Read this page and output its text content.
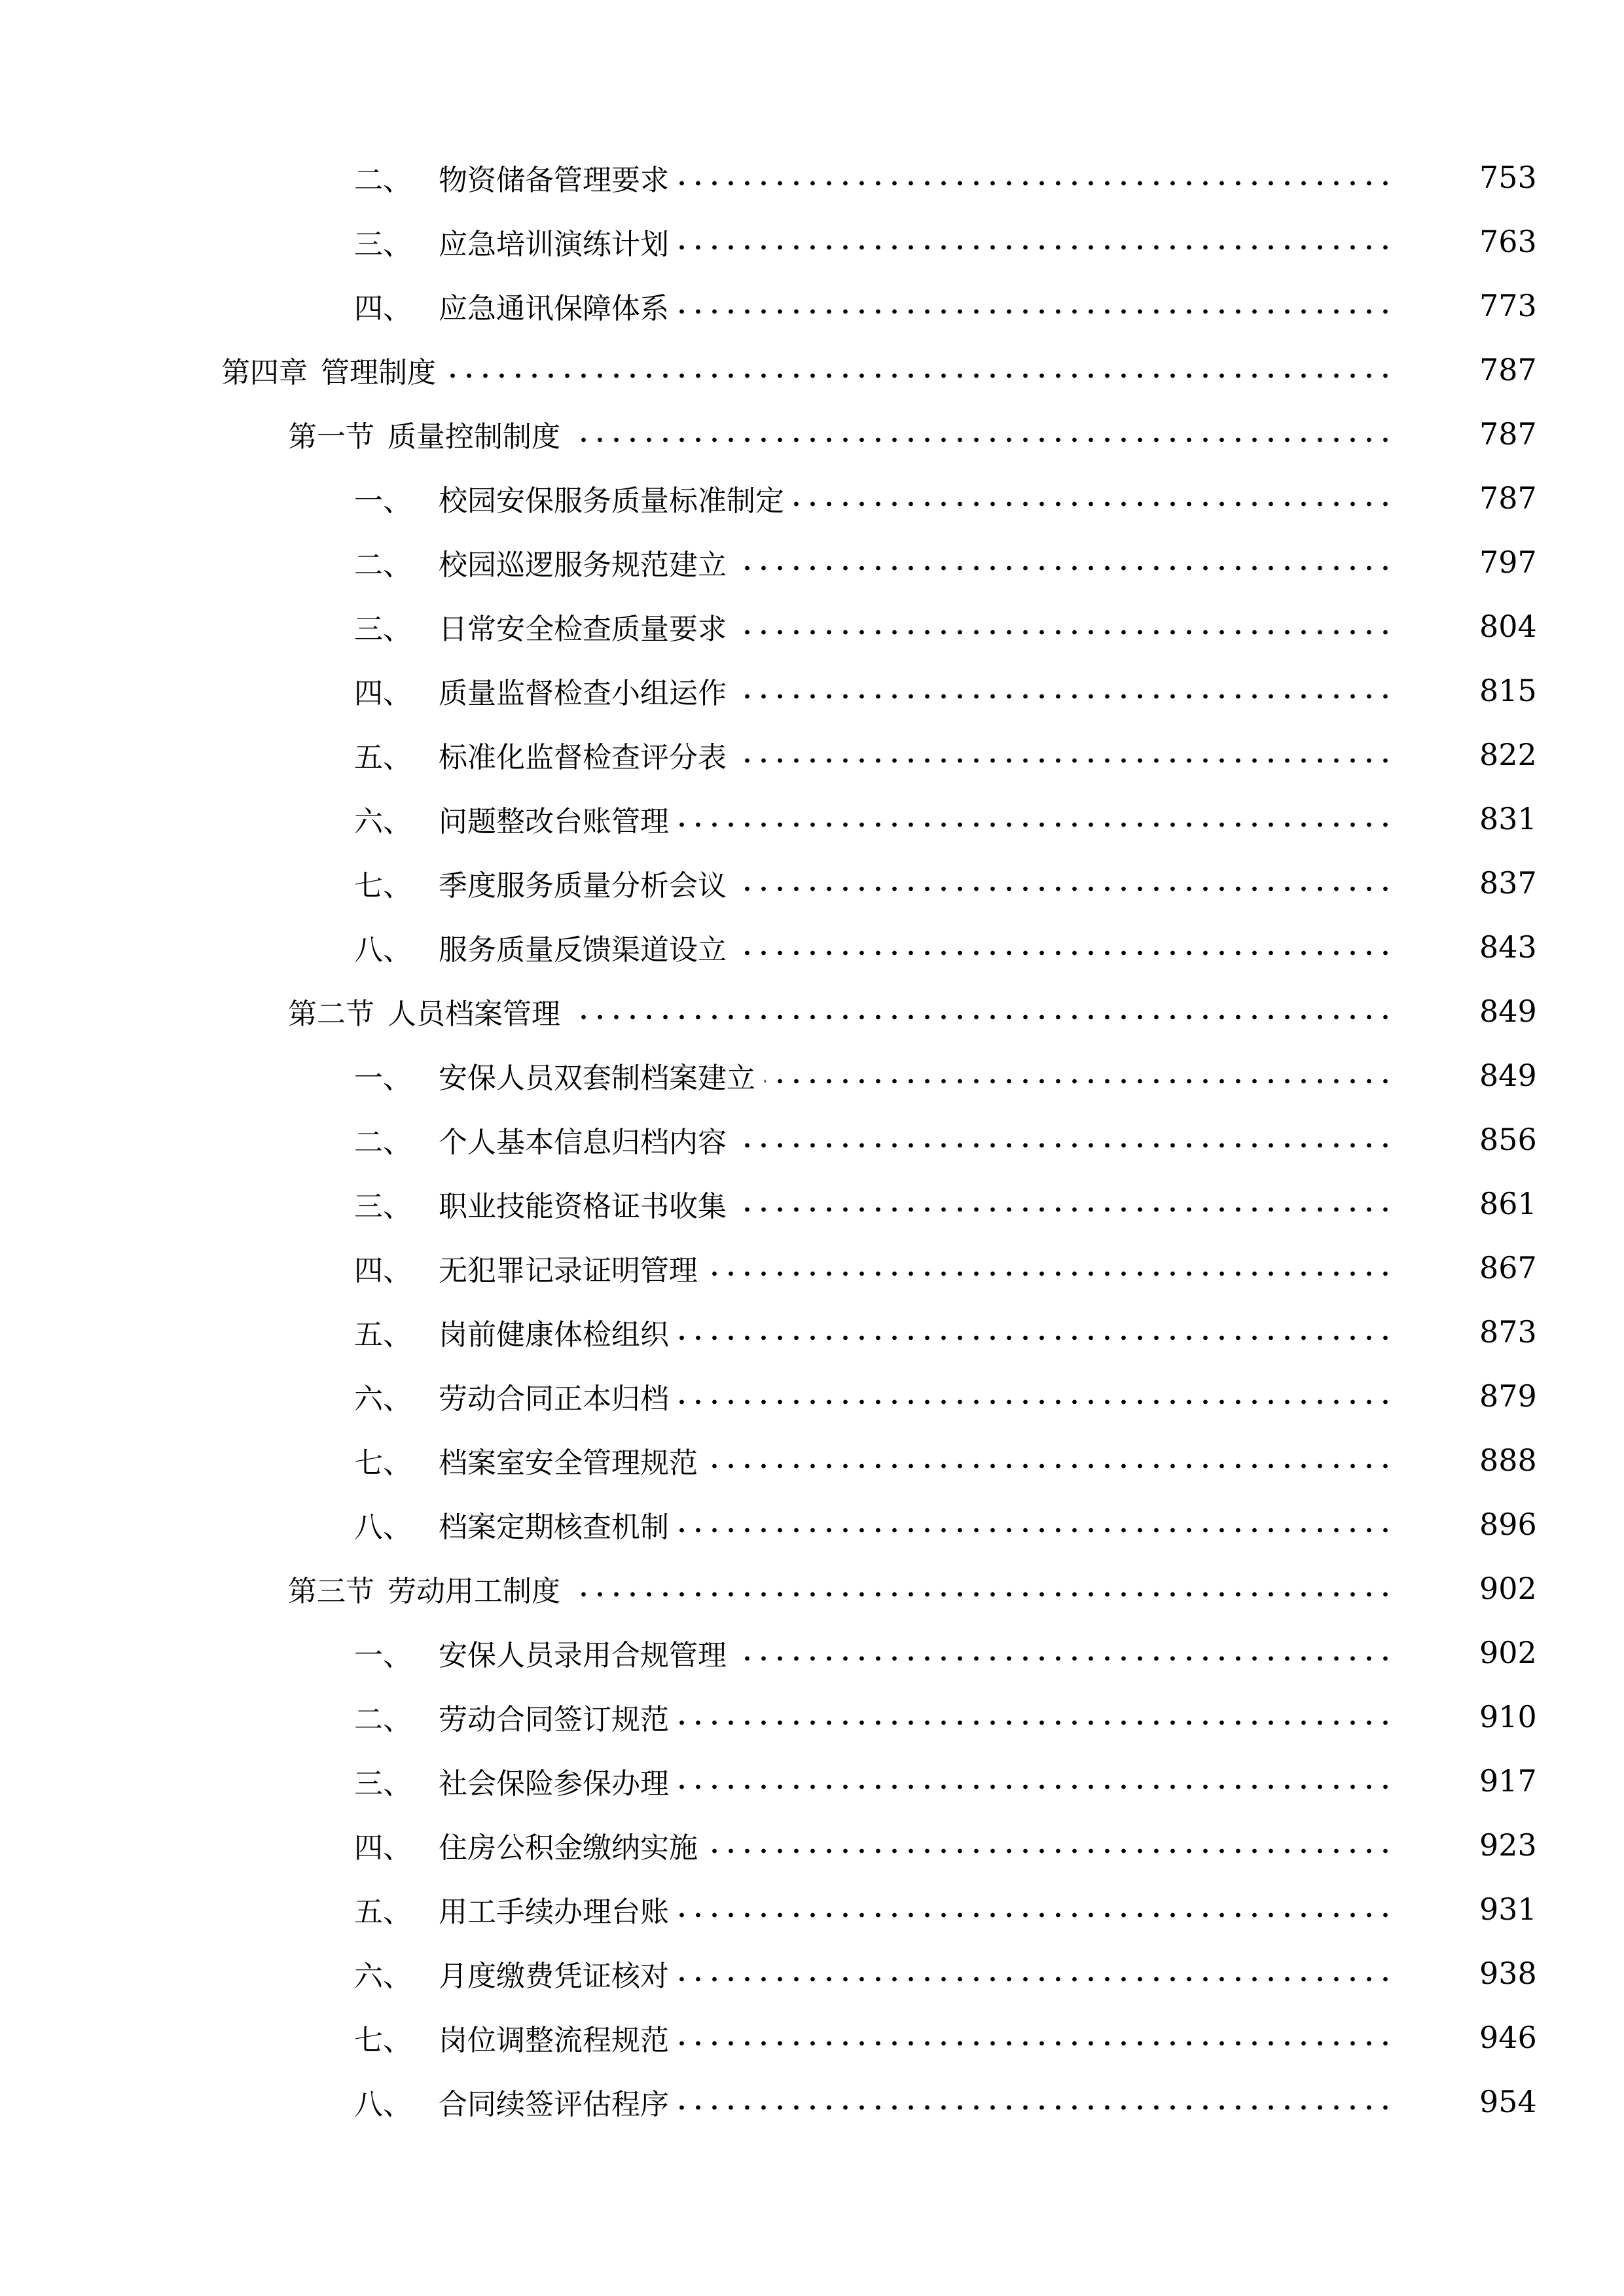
二、 物资储备管理要求	753
三、 应急培训演练计划	763
四、 应急通讯保障体系	773
第四章 管理制度	787
第一节 质量控制制度	787
一、 校园安保服务质量标准制定	787
二、 校园巡逻服务规范建立	797
三、 日常安全检查质量要求	804
四、 质量监督检查小组运作	815
五、 标准化监督检查评分表	822
六、 问题整改台账管理	831
七、 季度服务质量分析会议	837
八、 服务质量反馈渠道设立	843
第二节 人员档案管理	849
一、 安保人员双套制档案建立	849
二、 个人基本信息归档内容	856
三、 职业技能资格证书收集	861
四、 无犯罪记录证明管理	867
五、 岗前健康体检组织	873
六、 劳动合同正本归档	879
七、 档案室安全管理规范	888
八、 档案定期核查机制	896
第三节 劳动用工制度	902
一、 安保人员录用合规管理	902
二、 劳动合同签订规范	910
三、 社会保险参保办理	917
四、 住房公积金缴纳实施	923
五、 用工手续办理台账	931
六、 月度缴费凭证核对	938
七、 岗位调整流程规范	946
八、 合同续签评估程序	954
